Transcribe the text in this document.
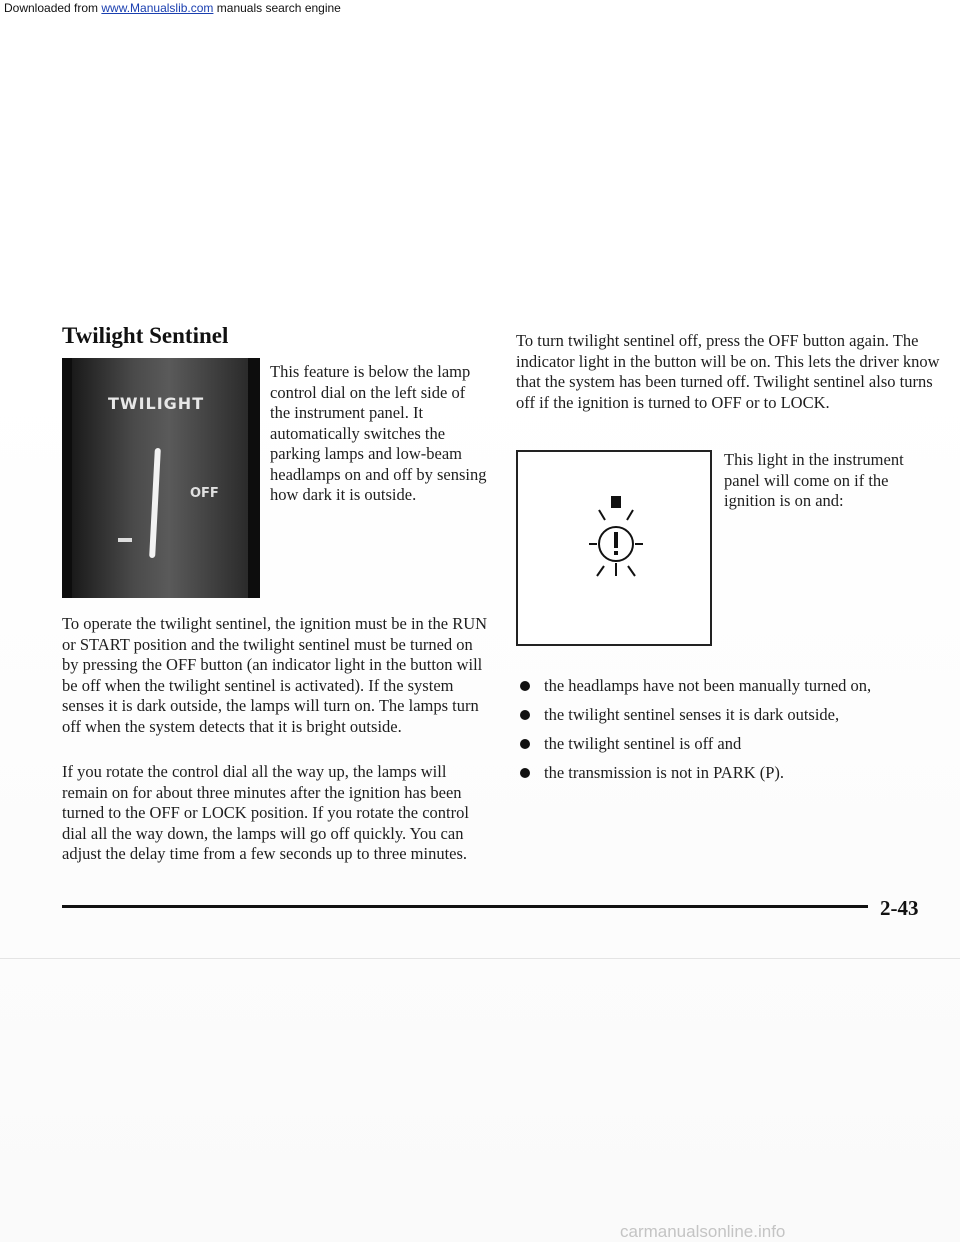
Downloaded from www.Manualslib.com manuals search engine
Twilight Sentinel
TWILIGHT
OFF

This feature is below the lamp control dial on the left side of the instrument panel. It automatically switches the parking lamps and low-beam headlamps on and off by sensing how dark it is outside.

To operate the twilight sentinel, the ignition must be in the RUN or START position and the twilight sentinel must be turned on by pressing the OFF button (an indicator light in the button will be off when the twilight sentinel is activated). If the system senses it is dark outside, the lamps will turn on. The lamps turn off when the system detects that it is bright outside.

If you rotate the control dial all the way up, the lamps will remain on for about three minutes after the ignition has been turned to the OFF or LOCK position. If you rotate the control dial all the way down, the lamps will go off quickly. You can adjust the delay time from a few seconds up to three minutes.

To turn twilight sentinel off, press the OFF button again. The indicator light in the button will be on. This lets the driver know that the system has been turned off. Twilight sentinel also turns off if the ignition is turned to OFF or to LOCK.

This light in the instrument panel will come on if the ignition is on and:

the headlamps have not been manually turned on,
the twilight sentinel senses it is dark outside,
the twilight sentinel is off and
the transmission is not in PARK (P).
2-43
carmanualsonline.info
